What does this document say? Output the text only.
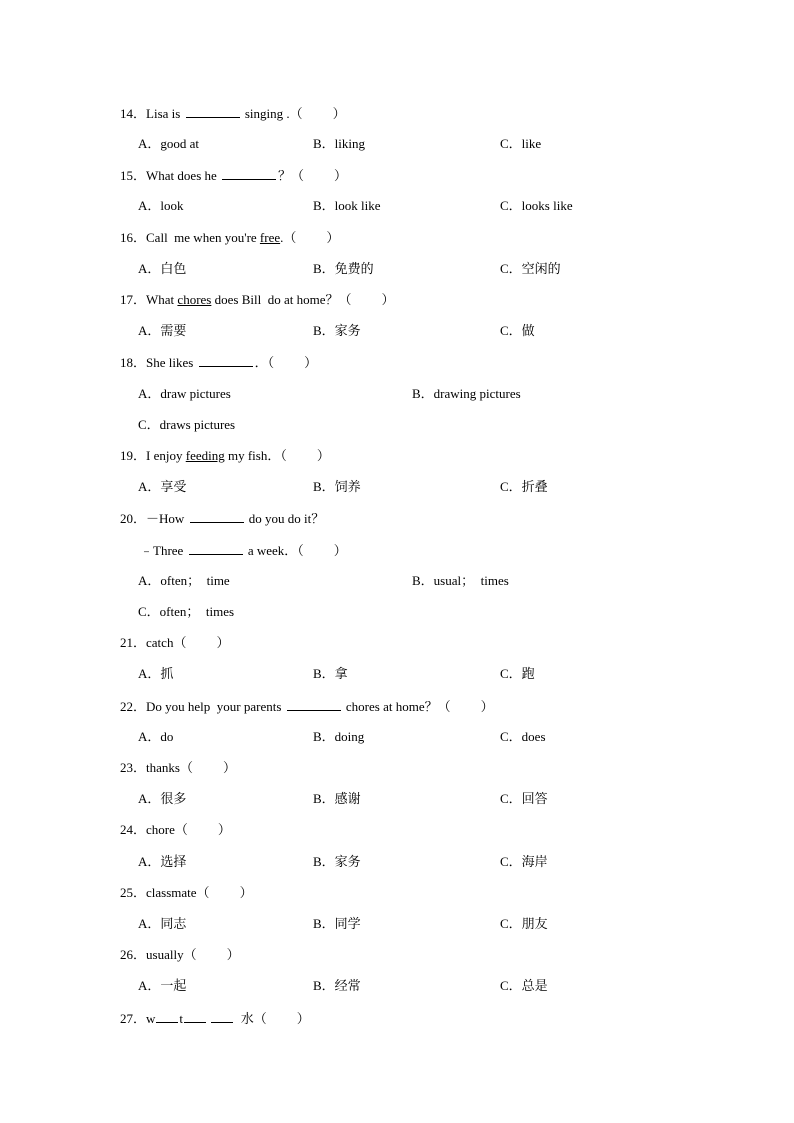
14．Lisa is	singing .（ ）
A．good at	B．liking	C．like
15．What does he	？（ ）
A．look	B．look like	C．looks like
16．Call  me when you're free.（ ）
A．白色	B．免费的	C．空闲的
17．What chores does Bill  do at home？（ ）
A．需要	B．家务	C．做
18．She likes	．（ ）
A．draw pictures	B．drawing pictures
C．draws pictures
19．I enjoy feeding my fish．（ ）
A．享受	B．饲养	C．折叠
20．－How	do you do it？
﹣Three	a week．（ ）
A．often；  time	B．usual；  times
C．often；  times
21．catch（ ）
A．抓	B．拿	C．跑
22．Do you help  your parents	chores at home？（ ）
A．do	B．doing	C．does
23．thanks（ ）
A．很多	B．感谢	C．回答
24．chore（ ）
A．选择	B．家务	C．海岸
25．classmate（ ）
A．同志	B．同学	C．朋友
26．usually（ ）
A．一起	B．经常	C．总是
27．w t	水（ ）
